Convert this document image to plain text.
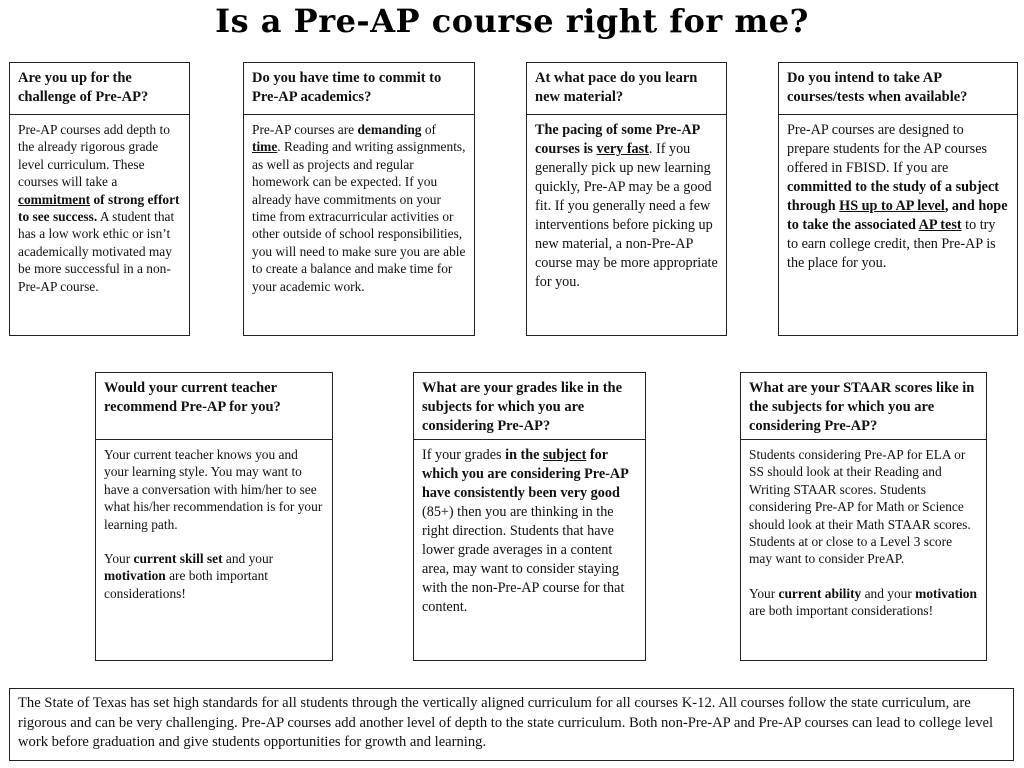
Is a Pre-AP course right for me?
Are you up for the challenge of Pre-AP?

Pre-AP courses add depth to the already rigorous grade level curriculum. These courses will take a commitment of strong effort to see success. A student that has a low work ethic or isn’t academically motivated may be more successful in a non-Pre-AP course.

Do you have time to commit to Pre-AP academics?

Pre-AP courses are demanding of time. Reading and writing assignments, as well as projects and regular homework can be expected. If you already have commitments on your time from extracurricular activities or other outside of school responsibilities, you will need to make sure you are able to create a balance and make time for your academic work.

At what pace do you learn new material?

The pacing of some Pre-AP courses is very fast. If you generally pick up new learning quickly, Pre-AP may be a good fit. If you generally need a few interventions before picking up new material, a non-Pre-AP course may be more appropriate for you.

Do you intend to take AP courses/tests when available?

Pre-AP courses are designed to prepare students for the AP courses offered in FBISD. If you are committed to the study of a subject through HS up to AP level, and hope to take the associated AP test to try to earn college credit, then Pre-AP is the place for you.

Would your current teacher recommend Pre-AP for you?

Your current teacher knows you and your learning style. You may want to have a conversation with him/her to see what his/her recommendation is for your learning path.

Your current skill set and your motivation are both important considerations!

What are your grades like in the subjects for which you are considering Pre-AP?

If your grades in the subject for which you are considering Pre-AP have consistently been very good (85+) then you are thinking in the right direction. Students that have lower grade averages in a content area, may want to consider staying with the non-Pre-AP course for that content.

What are your STAAR scores like in the subjects for which you are considering Pre-AP?

Students considering Pre-AP for ELA or SS should look at their Reading and Writing STAAR scores. Students considering Pre-AP for Math or Science should look at their Math STAAR scores. Students at or close to a Level 3 score may want to consider PreAP.

Your current ability and your motivation are both important considerations!

The State of Texas has set high standards for all students through the vertically aligned curriculum for all courses K-12. All courses follow the state curriculum, are rigorous and can be very challenging. Pre-AP courses add another level of depth to the state curriculum. Both non-Pre-AP and Pre-AP courses can lead to college level work before graduation and give students opportunities for growth and learning.
